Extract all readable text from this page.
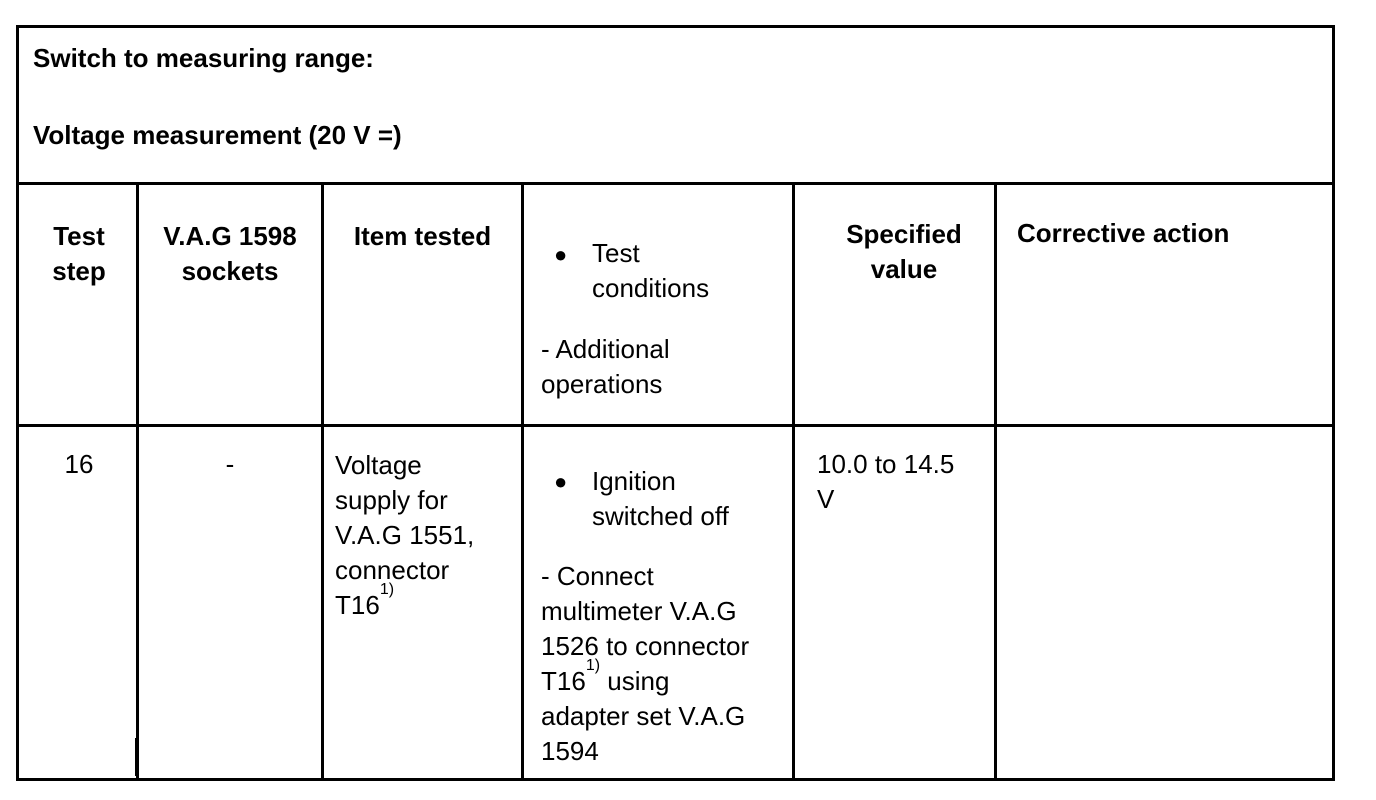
Switch to measuring range:
Voltage measurement (20 V =)
Test
step
V.A.G 1598
sockets
Item tested
● Test
conditions
- Additional
operations
Specified
value
Corrective action
16	-	Voltage
supply for
V.A.G 1551,
connector
T16$^{1)}$
● Ignition
switched off
- Connect
multimeter V.A.G
1526 to connector
T16$^{1)}$ using
adapter set V.A.G
1594
10.0 to 14.5
V
